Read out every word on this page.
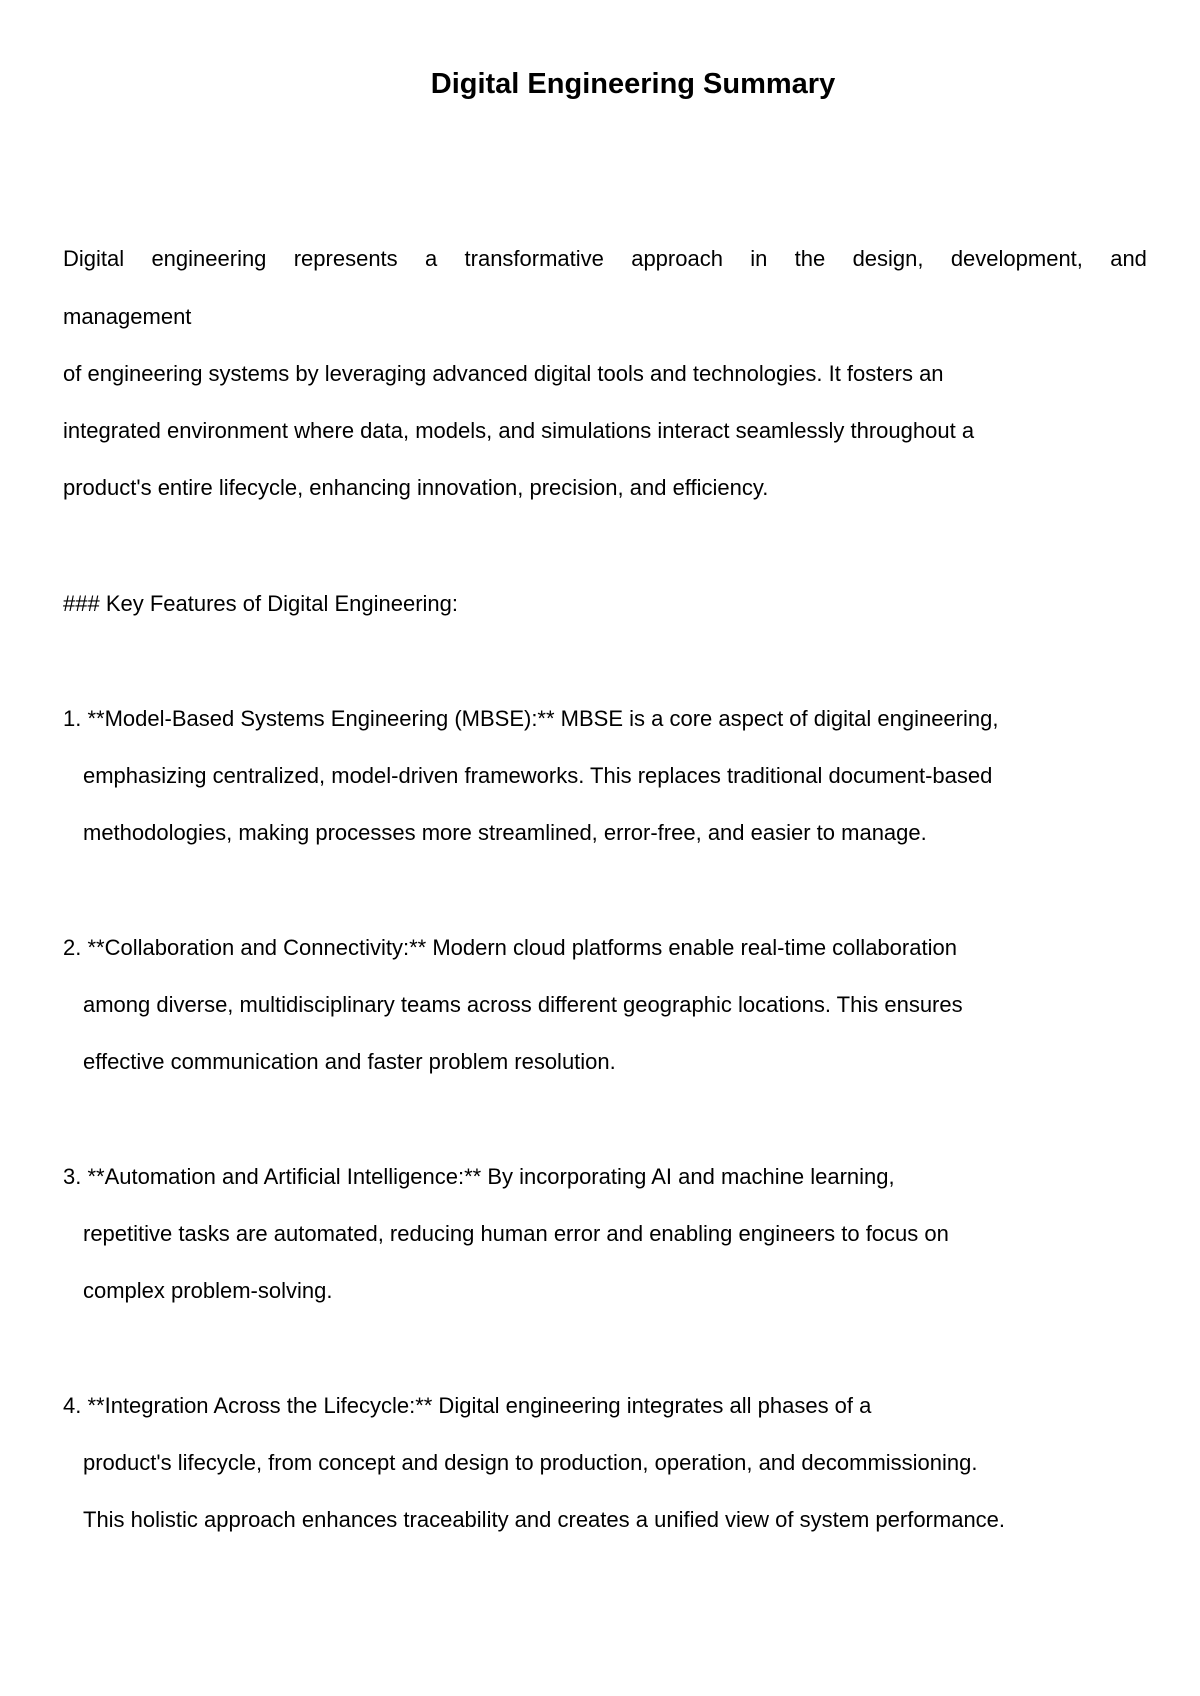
Digital Engineering Summary
Digital engineering represents a transformative approach in the design, development, and
management
of engineering systems by leveraging advanced digital tools and technologies. It fosters an
integrated environment where data, models, and simulations interact seamlessly throughout a
product's entire lifecycle, enhancing innovation, precision, and efficiency.
### Key Features of Digital Engineering:
1. **Model-Based Systems Engineering (MBSE):** MBSE is a core aspect of digital engineering,
emphasizing centralized, model-driven frameworks. This replaces traditional document-based
methodologies, making processes more streamlined, error-free, and easier to manage.
2. **Collaboration and Connectivity:** Modern cloud platforms enable real-time collaboration
among diverse, multidisciplinary teams across different geographic locations. This ensures
effective communication and faster problem resolution.
3. **Automation and Artificial Intelligence:** By incorporating AI and machine learning,
repetitive tasks are automated, reducing human error and enabling engineers to focus on
complex problem-solving.
4. **Integration Across the Lifecycle:** Digital engineering integrates all phases of a
product's lifecycle, from concept and design to production, operation, and decommissioning.
This holistic approach enhances traceability and creates a unified view of system performance.
